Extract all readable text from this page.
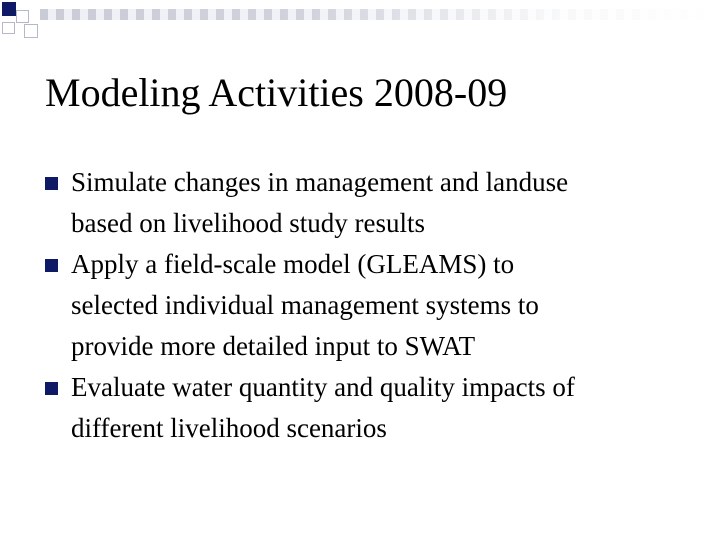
Modeling Activities 2008-09
Simulate changes in management and landuse
based on livelihood study results
Apply a field-scale model (GLEAMS) to
selected individual management systems to
provide more detailed input to SWAT
Evaluate water quantity and quality impacts of
different livelihood scenarios
